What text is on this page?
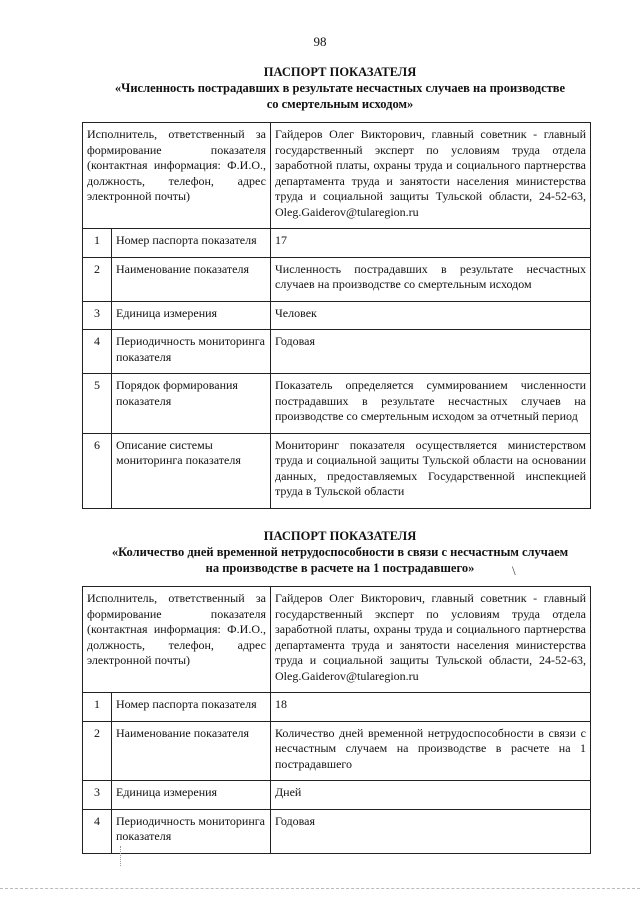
98
ПАСПОРТ ПОКАЗАТЕЛЯ
«Численность пострадавших в результате несчастных случаев на производстве
со смертельным исходом»
Исполнитель, ответственный за формирование показателя (контактная информация: Ф.И.О., должность, телефон, адрес электронной почты)		Гайдеров Олег Викторович, главный советник - главный государственный эксперт по условиям труда отдела заработной платы, охраны труда и социального партнерства департамента труда и занятости населения министерства труда и социальной защиты Тульской области, 24-52-63, Oleg.Gaiderov@tularegion.ru
1	Номер паспорта показателя	17
2	Наименование показателя	Численность пострадавших в результате несчастных случаев на производстве со смертельным исходом
3	Единица измерения	Человек
4	Периодичность мониторинга показателя	Годовая
5	Порядок формирования показателя	Показатель определяется суммированием численности пострадавших в результате несчастных случаев на производстве со смертельным исходом за отчетный период
6	Описание системы мониторинга показателя	Мониторинг показателя осуществляется министерством труда и социальной защиты Тульской области на основании данных, предоставляемых Государственной инспекцией труда в Тульской области
ПАСПОРТ ПОКАЗАТЕЛЯ
«Количество дней временной нетрудоспособности в связи с несчастным случаем
на производстве в расчете на 1 пострадавшего»	\
Исполнитель, ответственный за формирование показателя (контактная информация: Ф.И.О., должность, телефон, адрес электронной почты)		Гайдеров Олег Викторович, главный советник - главный государственный эксперт по условиям труда отдела заработной платы, охраны труда и социального партнерства департамента труда и занятости населения министерства труда и социальной защиты Тульской области, 24-52-63, Oleg.Gaiderov@tularegion.ru
1	Номер паспорта показателя	18
2	Наименование показателя	Количество дней временной нетрудоспособности в связи с несчастным случаем на производстве в расчете на 1 пострадавшего
3	Единица измерения	Дней
4	Периодичность мониторинга показателя	Годовая
